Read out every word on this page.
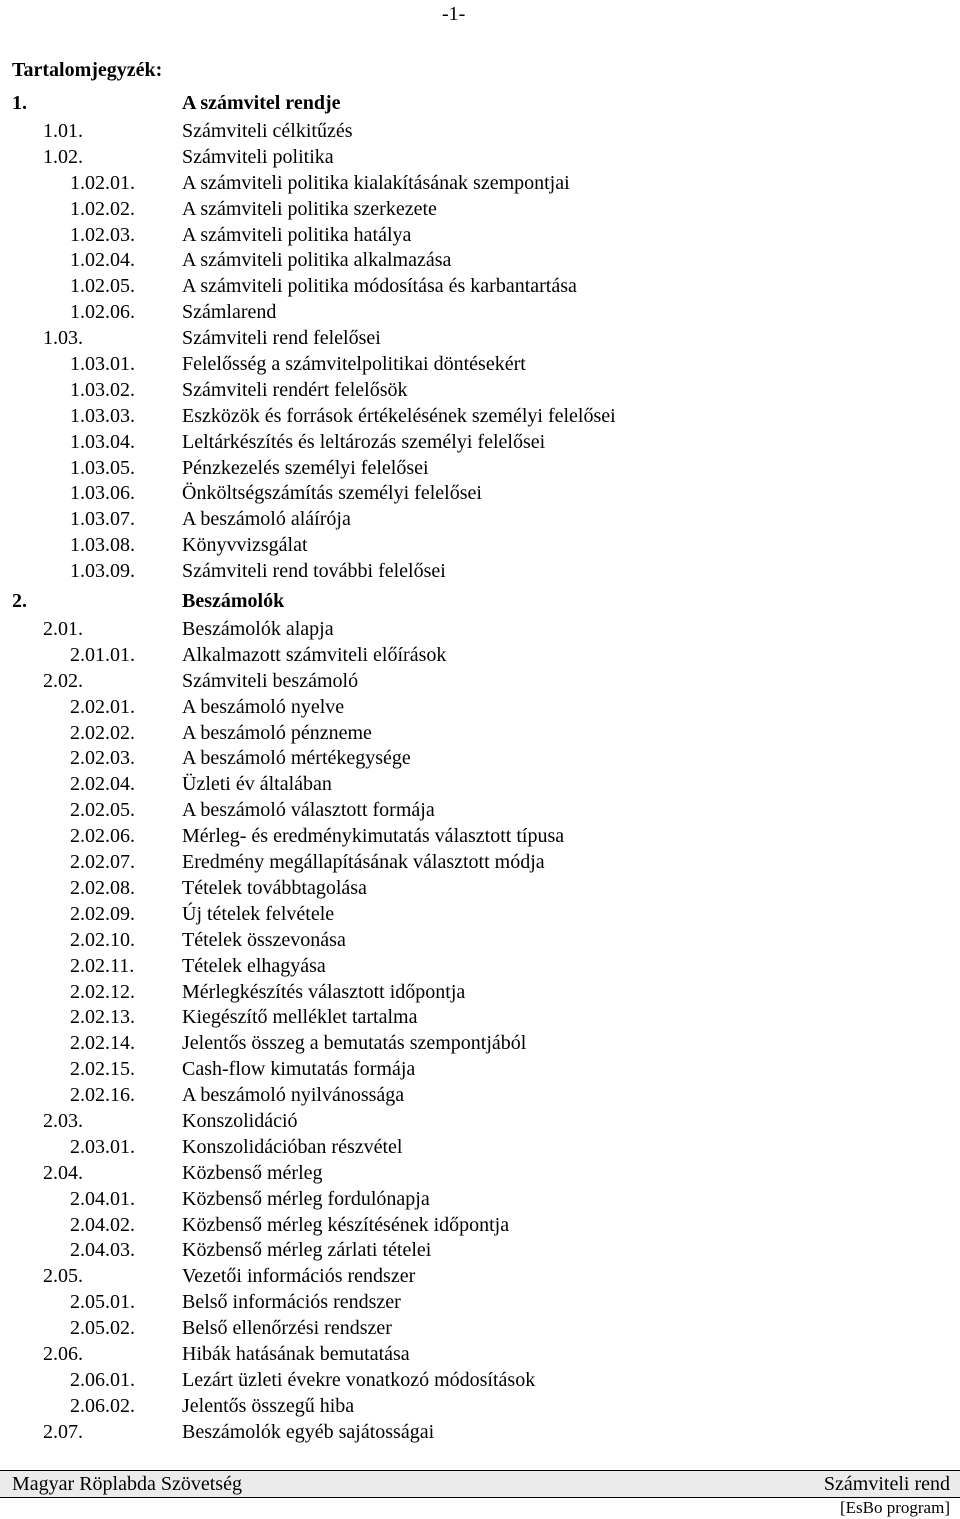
-1-
Tartalomjegyzék:
1.	A számvitel rendje
1.01.	Számviteli célkitűzés
1.02.	Számviteli politika
1.02.01. A számviteli politika kialakításának szempontjai
1.02.02. A számviteli politika szerkezete
1.02.03. A számviteli politika hatálya
1.02.04. A számviteli politika alkalmazása
1.02.05. A számviteli politika módosítása és karbantartása
1.02.06. Számlarend
1.03.	Számviteli rend felelősei
1.03.01. Felelősség a számvitelpolitikai döntésekért
1.03.02. Számviteli rendért felelősök
1.03.03. Eszközök és források értékelésének személyi felelősei
1.03.04. Leltárkészítés és leltározás személyi felelősei
1.03.05. Pénzkezelés személyi felelősei
1.03.06. Önköltségszámítás személyi felelősei
1.03.07. A beszámoló aláírója
1.03.08. Könyvvizsgálat
1.03.09. Számviteli rend további felelősei
2.	Beszámolók
2.01.	Beszámolók alapja
2.01.01. Alkalmazott számviteli előírások
2.02.	Számviteli beszámoló
2.02.01. A beszámoló nyelve
2.02.02. A beszámoló pénzneme
2.02.03. A beszámoló mértékegysége
2.02.04. Üzleti év általában
2.02.05. A beszámoló választott formája
2.02.06. Mérleg- és eredménykimutatás választott típusa
2.02.07. Eredmény megállapításának választott módja
2.02.08. Tételek továbbtagolása
2.02.09. Új tételek felvétele
2.02.10. Tételek összevonása
2.02.11. Tételek elhagyása
2.02.12. Mérlegkészítés választott időpontja
2.02.13. Kiegészítő melléklet tartalma
2.02.14. Jelentős összeg a bemutatás szempontjából
2.02.15. Cash-flow kimutatás formája
2.02.16. A beszámoló nyilvánossága
2.03.	Konszolidáció
2.03.01. Konszolidációban részvétel
2.04.	Közbenső mérleg
2.04.01. Közbenső mérleg fordulónapja
2.04.02. Közbenső mérleg készítésének időpontja
2.04.03. Közbenső mérleg zárlati tételei
2.05.	Vezetői információs rendszer
2.05.01. Belső információs rendszer
2.05.02. Belső ellenőrzési rendszer
2.06.	Hibák hatásának bemutatása
2.06.01. Lezárt üzleti évekre vonatkozó módosítások
2.06.02. Jelentős összegű hiba
2.07.	Beszámolók egyéb sajátosságai
Magyar Röplabda Szövetség	Számviteli rend
[EsBo program]
